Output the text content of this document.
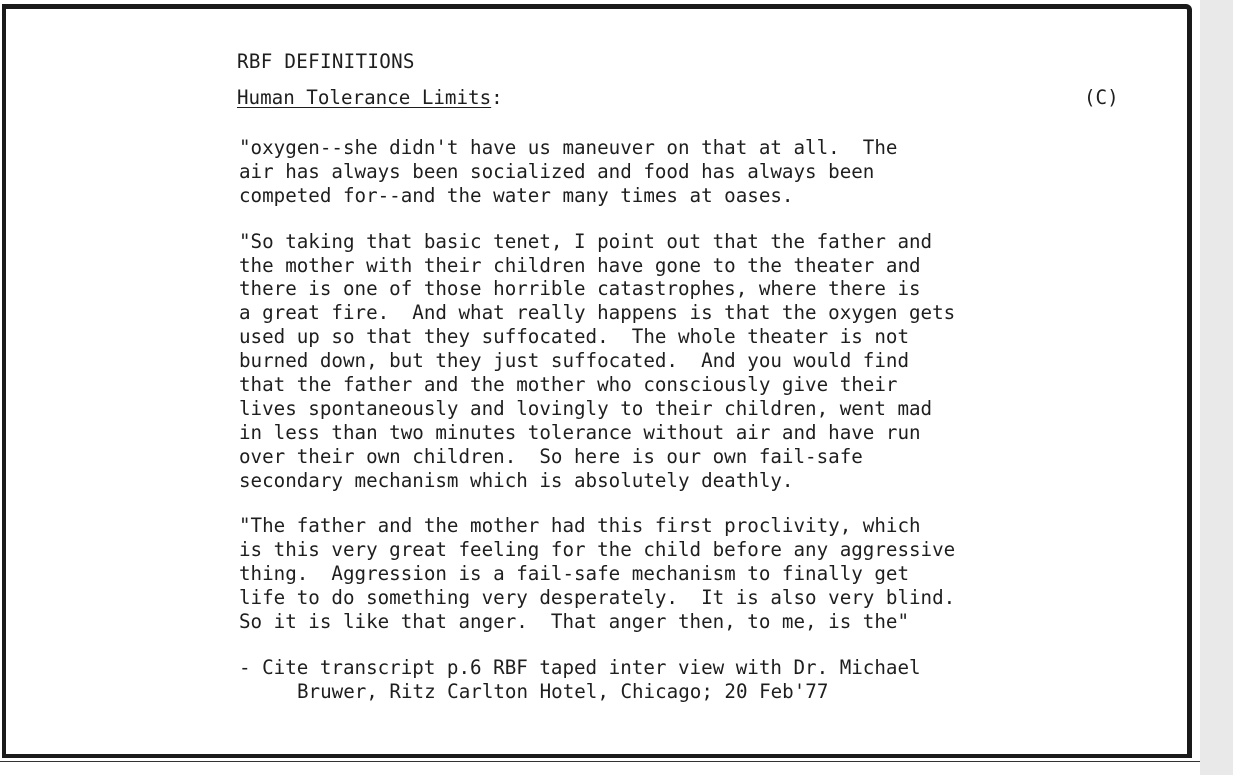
RBF DEFINITIONS
Human Tolerance Limits:	(C)
"oxygen--she didn't have us maneuver on that at all.  The
air has always been socialized and food has always been
competed for--and the water many times at oases.
"So taking that basic tenet, I point out that the father and
the mother with their children have gone to the theater and
there is one of those horrible catastrophes, where there is
a great fire.  And what really happens is that the oxygen gets
used up so that they suffocated.  The whole theater is not
burned down, but they just suffocated.  And you would find
that the father and the mother who consciously give their
lives spontaneously and lovingly to their children, went mad
in less than two minutes tolerance without air and have run
over their own children.  So here is our own fail-safe
secondary mechanism which is absolutely deathly.
"The father and the mother had this first proclivity, which
is this very great feeling for the child before any aggressive
thing.  Aggression is a fail-safe mechanism to finally get
life to do something very desperately.  It is also very blind.
So it is like that anger.  That anger then, to me, is the"
- Cite transcript p.6 RBF taped inter view with Dr. Michael
Bruwer, Ritz Carlton Hotel, Chicago; 20 Feb'77
